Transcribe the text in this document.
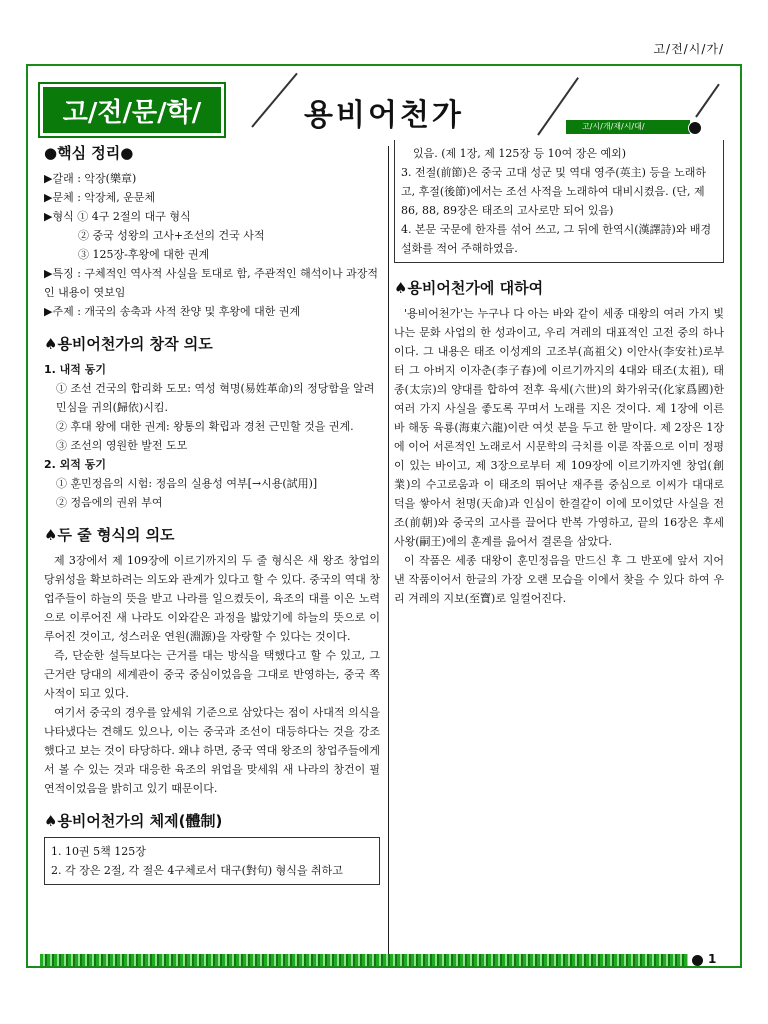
고/전/시/가/
고/전/문/학/	용비어천가	고/시/개/재/시/대/
●핵심 정리●
▶갈래 : 악장(樂章)
▶문체 : 악장체, 운문체
▶형식 ① 4구 2절의 대구 형식
② 중국 성왕의 고사+조선의 건국 사적
③ 125장-후왕에 대한 권계
▶특징 : 구체적인 역사적 사실을 토대로 함, 주관적인 해석이나 과장적인 내용이 엿보임
▶주제 : 개국의 송축과 사적 찬양 및 후왕에 대한 권계
♠용비어천가의 창작 의도
1. 내적 동기
① 조선 건국의 합리화 도모: 역성 혁명(易姓革命)의 정당함을 알려 민심을 귀의(歸依)시킴.
② 후대 왕에 대한 권계: 왕통의 확립과 경천 근민할 것을 권계.
③ 조선의 영원한 발전 도모
2. 외적 동기
① 훈민정음의 시험: 정음의 실용성 여부[→시용(試用)]
② 정음에의 권위 부여
♠두 줄 형식의 의도

제 3장에서 제 109장에 이르기까지의 두 줄 형식은 새 왕조 창업의 당위성을 확보하려는 의도와 관계가 있다고 할 수 있다. 중국의 역대 창업주들이 하늘의 뜻을 받고 나라를 일으켰듯이, 육조의 대를 이은 노력으로 이루어진 새 나라도 이와같은 과정을 밟았기에 하늘의 뜻으로 이루어진 것이고, 성스러운 연원(淵源)을 자랑할 수 있다는 것이다.

즉, 단순한 설득보다는 근거를 대는 방식을 택했다고 할 수 있고, 그 근거란 당대의 세계관이 중국 중심이었음을 그대로 반영하는, 중국 쪽 사적이 되고 있다.

여기서 중국의 경우를 앞세워 기준으로 삼았다는 점이 사대적 의식을 나타냈다는 견해도 있으나, 이는 중국과 조선이 대등하다는 것을 강조했다고 보는 것이 타당하다. 왜냐 하면, 중국 역대 왕조의 창업주들에게서 볼 수 있는 것과 대응한 육조의 위업을 맞세워 새 나라의 창건이 필연적이었음을 밝히고 있기 때문이다.

♠용비어천가의 체제(體制)
1. 10권 5책 125장
2. 각 장은 2절, 각 절은 4구체로서 대구(對句) 형식을 취하고
있음. (제 1장, 제 125장 등 10여 장은 예외)
3. 전절(前節)은 중국 고대 성군 및 역대 영주(英主) 등을 노래하고, 후절(後節)에서는 조선 사적을 노래하여 대비시켰음. (단, 제 86, 88, 89장은 태조의 고사로만 되어 있음)
4. 본문 국문에 한자를 섞어 쓰고, 그 뒤에 한역시(漢譯詩)와 배경 설화를 적어 주해하였음.
♠용비어천가에 대하여

'용비어천가'는 누구나 다 아는 바와 같이 세종 대왕의 여러 가지 빛나는 문화 사업의 한 성과이고, 우리 겨레의 대표적인 고전 중의 하나이다. 그 내용은 태조 이성계의 고조부(高祖父) 이안사(李安社)로부터 그 아버지 이자춘(李子春)에 이르기까지의 4대와 태조(太祖), 태종(太宗)의 양대를 합하여 전후 육세(六世)의 화가위국(化家爲國)한 여러 가지 사실을 좋도록 꾸며서 노래를 지은 것이다. 제 1장에 이른바 해동 육룡(海東六龍)이란 여섯 분을 두고 한 말이다. 제 2장은 1장에 이어 서론적인 노래로서 시문학의 극치를 이룬 작품으로 이미 정평이 있는 바이고, 제 3장으로부터 제 109장에 이르기까지엔 창업(創業)의 수고로움과 이 태조의 뛰어난 재주를 중심으로 이씨가 대대로 덕을 쌓아서 천명(天命)과 인심이 한결같이 이에 모이었단 사실을 전조(前朝)와 중국의 고사를 끌어다 반복 가영하고, 끝의 16장은 후세 사왕(嗣王)에의 훈계를 읊어서 결론을 삼았다.

이 작품은 세종 대왕이 훈민정음을 만드신 후 그 반포에 앞서 지어 낸 작품이어서 한글의 가장 오랜 모습을 이에서 찾을 수 있다 하여 우리 겨레의 지보(至寶)로 일컬어진다.

1
